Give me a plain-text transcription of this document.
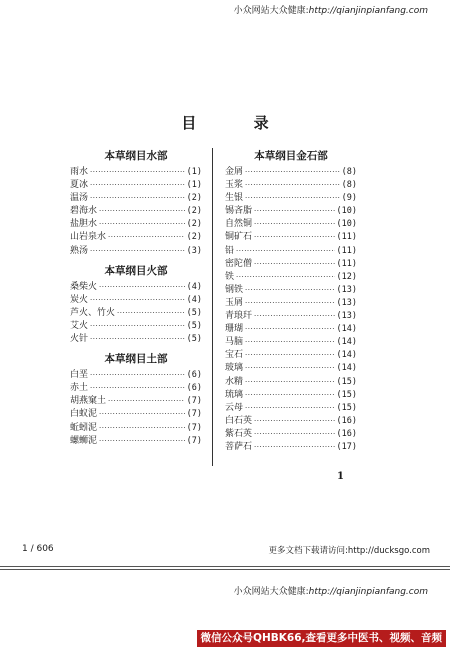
小众网站大众健康:http://qianjinpianfang.com
目 录
本草纲目水部
雨水 ·····	(1)
夏冰 ·····	(1)
温汤 ·····	(2)
碧海水 ·····	(2)
盐胆水 ·····	(2)
山岩泉水 ·····	(2)
熟汤 ·····	(3)
本草纲目火部
桑柴火 ·····	(4)
炭火 ·····	(4)
芦火、竹火 ·····	(5)
艾火 ·····	(5)
火针 ·····	(5)
本草纲目土部
白垩 ·····	(6)
赤土 ·····	(6)
胡燕窠土 ·····	(7)
白蚁泥 ·····	(7)
蚯蚓泥 ·····	(7)
螺蛳泥 ·····	(7)
本草纲目金石部
金屑 ·····	(8)
玉浆 ·····	(8)
生银 ·····	(9)
锡吝脂 ·····	(10)
自然铜 ·····	(10)
铜矿石 ·····	(11)
铅 ·····	(11)
密陀僧 ·····	(11)
铁 ·····	(12)
钢铁 ·····	(13)
玉屑 ·····	(13)
青琅玕 ·····	(13)
珊瑚 ·····	(14)
马脑 ·····	(14)
宝石 ·····	(14)
玻璃 ·····	(14)
水精 ·····	(15)
琉璃 ·····	(15)
云母 ·····	(15)
白石英 ·····	(16)
紫石英 ·····	(16)
菩萨石 ·····	(17)
1
1 / 606	更多文档下载请访问:http://ducksgo.com
小众网站大众健康:http://qianjinpianfang.com
微信公众号QHBK66,查看更多中医书、视频、音频
